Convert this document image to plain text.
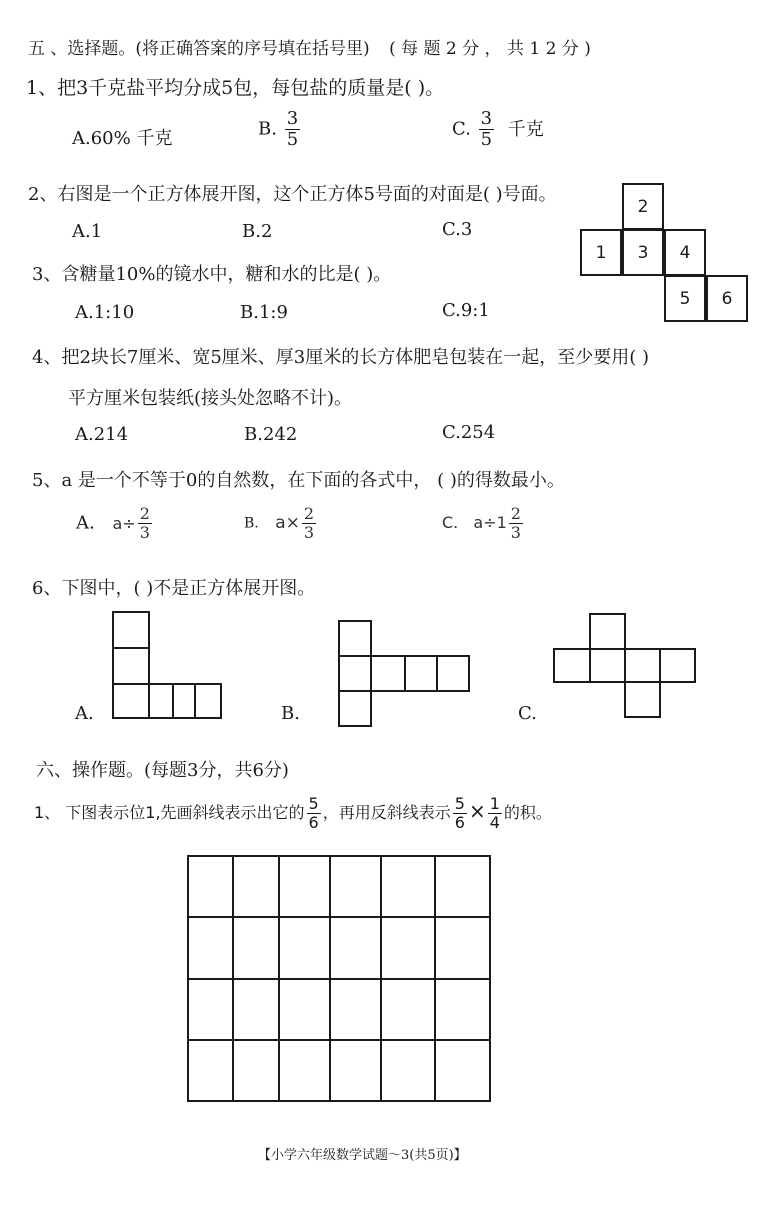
五 、选择题。(将正确答案的序号填在括号里) ( 每 题 2 分 ， 共 1 2 分 )
1、把3千克盐平均分成5包，每包盐的质量是( )。
A.60% 千克	B. $\frac{3}{5}$	C. $\frac{3}{5}$ 千克
2、右图是一个正方体展开图，这个正方体5号面的对面是( )号面。
A.1	B.2	C.3
2
1	3	4
5	6
3、含糖量10%的镜水中，糖和水的比是( )。
A.1:10	B.1:9	C.9:1
4、把2块长7厘米、宽5厘米、厚3厘米的长方体肥皂包装在一起，至少要用( )
平方厘米包装纸(接头处忽略不计)。
A.214	B.242	C.254
5、a 是一个不等于0的自然数，在下面的各式中， ( )的得数最小。
A. $a\div \frac{2}{3}$	B. $a\times \frac{2}{3}$	C. $a\div 1 \frac{2}{3}$
6、下图中，( )不是正方体展开图。
A.	B.	C.
六、操作题。(每题3分，共6分)
1、 下图表示位1,先画斜线表示出它的 $\frac{5}{6}$ ，再用反斜线表示 $\frac{5}{6} \times \frac{1}{4}$ 的积。
【小学六年级数学试题～3(共5页)】
